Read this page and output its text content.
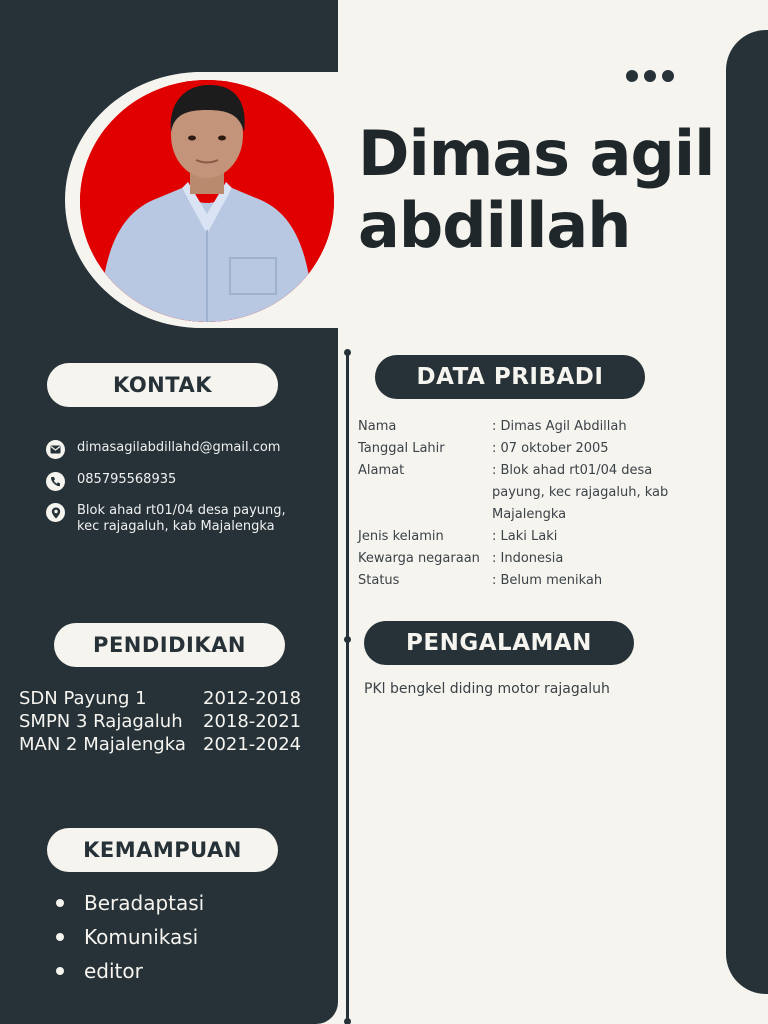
Dimas agil abdillah
KONTAK
dimasagilabdillahd@gmail.com
085795568935
Blok ahad rt01/04 desa payung, kec rajagaluh, kab Majalengka
PENDIDIKAN
SDN Payung 1	2012-2018
SMPN 3 Rajagaluh	2018-2021
MAN 2 Majalengka 2021-2024
KEMAMPUAN
Beradaptasi
Komunikasi
editor
DATA PRIBADI
Nama	: Dimas Agil Abdillah
Tanggal Lahir	: 07 oktober 2005
Alamat	: Blok ahad rt01/04 desa payung, kec rajagaluh, kab Majalengka
Jenis kelamin	: Laki Laki
Kewarga negaraan : Indonesia
Status	: Belum menikah
PENGALAMAN
PKl bengkel diding motor rajagaluh
